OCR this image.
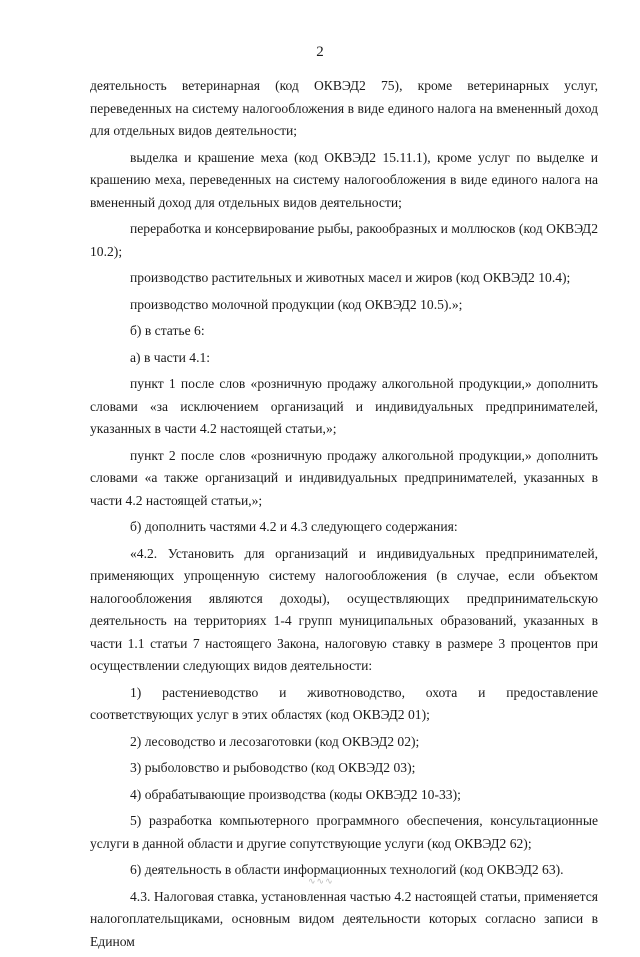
2

деятельность ветеринарная (код ОКВЭД2 75), кроме ветеринарных услуг, переведенных на систему налогообложения в виде единого налога на вмененный доход для отдельных видов деятельности;

выделка и крашение меха (код ОКВЭД2 15.11.1), кроме услуг по выделке и крашению меха, переведенных на систему налогообложения в виде единого налога на вмененный доход для отдельных видов деятельности;

переработка и консервирование рыбы, ракообразных и моллюсков (код ОКВЭД2 10.2);

производство растительных и животных масел и жиров (код ОКВЭД2 10.4);

производство молочной продукции (код ОКВЭД2 10.5).»;

б) в статье 6:

а) в части 4.1:

пункт 1 после слов «розничную продажу алкогольной продукции,» дополнить словами «за исключением организаций и индивидуальных предпринимателей, указанных в части 4.2 настоящей статьи,»;

пункт 2 после слов «розничную продажу алкогольной продукции,» дополнить словами «а также организаций и индивидуальных предпринимателей, указанных в части 4.2 настоящей статьи,»;

б) дополнить частями 4.2 и 4.3 следующего содержания:

«4.2. Установить для организаций и индивидуальных предпринимателей, применяющих упрощенную систему налогообложения (в случае, если объектом налогообложения являются доходы), осуществляющих предпринимательскую деятельность на территориях 1-4 групп муниципальных образований, указанных в части 1.1 статьи 7 настоящего Закона, налоговую ставку в размере 3 процентов при осуществлении следующих видов деятельности:

1) растениеводство и животноводство, охота и предоставление соответствующих услуг в этих областях (код ОКВЭД2 01);

2) лесоводство и лесозаготовки (код ОКВЭД2 02);

3) рыболовство и рыбоводство (код ОКВЭД2 03);

4) обрабатывающие производства (коды ОКВЭД2 10-33);

5) разработка компьютерного программного обеспечения, консультационные услуги в данной области и другие сопутствующие услуги (код ОКВЭД2 62);

6) деятельность в области информационных технологий (код ОКВЭД2 63).

4.3. Налоговая ставка, установленная частью 4.2 настоящей статьи, применяется налогоплательщиками, основным видом деятельности которых согласно записи в Едином

∿∿∿
